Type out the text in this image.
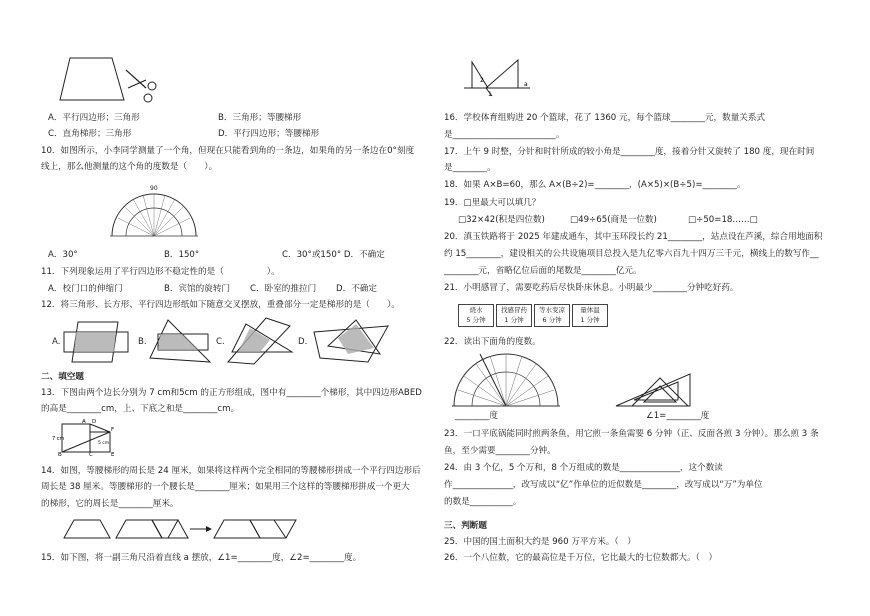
A．平行四边形；三角形	B．三角形；等腰梯形
C．直角梯形；三角形	D．平行四边形；等腰梯形
10．如图所示，小李同学测量了一个角，但现在只能看到角的一条边，如果角的另一条边在0°刻度
线上，那么他测量的这个角的度数是（　　）。
90
A．30°	B．150°	C．30°或150° D．不确定
11．下列现象运用了平行四边形不稳定性的是（　　　　　）。
A．校门口的伸缩门	B．宾馆的旋转门 C．卧室的推拉门 D．不确定
12．将三角形、长方形、平行四边形纸如下随意交叉摆放，重叠部分一定是梯形的是（　　）。
A.	B.	C.	D.
二、填空题
13．下图由两个边长分别为 7 cm和5cm 的正方形组成，图中有________个梯形，其中四边形ABED
的高是________cm，上、下底之和是________cm。
A D
F
B	C	E
7 cm
5 cm
14．如图，等腰梯形的周长是 24 厘米，如果将这样两个完全相同的等腰梯形拼成一个平行四边形后
周长是 38 厘米。等腰梯形的一个腰长是________厘米；如果用三个这样的等腰梯形拼成一个更大
的梯形，它的周长是________厘米。
15．如下图，将一副三角尺沿着直线 a 摆放，∠1=________度，∠2=________度。
2
1
a
16．学校体育组购进 20 个篮球，花了 1360 元，每个篮球________元，数量关系式
是________________________。
17．上午 9 时整，分针和时针所成的较小角是________度，接着分针又旋转了 180 度，现在时间
是________。
18．如果 A×B=60，那么 A×(B÷2)=________，(A×5)×(B÷5)=________。
19．□里最大可以填几？
□32×42(积是四位数)	□49÷65(商是一位数)	□÷50=18……□
20．滇玉铁路将于 2025 年建成通车，其中玉环段长约 21________，站点设在芦溪，综合用地面积
约 15________，建设相关的公共设施项目总投入是九亿零六百九十四万三千元，横线上的数写作__
________元，省略亿位后面的尾数是________亿元。
21．小明感冒了，需要吃药后尽快卧床休息。小明最少________分钟吃好药。
烧水
5 分钟
找感冒药
1 分钟
等水变凉
6 分钟
量体温
1 分钟
22．读出下面角的度数。
________度	∠1=________度
23．一口平底锅能同时煎两条鱼，用它煎一条鱼需要 6 分钟（正、反面各煎 3 分钟）。那么煎 3 条
鱼，至少需要________分钟。
24．由 3 个亿，5 个万和，8 个万组成的数是______________，这个数读
作______________，改写成以“亿”作单位的近似数是________，改写成以“万”为单位
的数是__________。
三、判断题
25．中国的国土面积大约是 960 万平方米。（　）
26．一个八位数，它的最高位是千万位，它比最大的七位数都大。（　）
